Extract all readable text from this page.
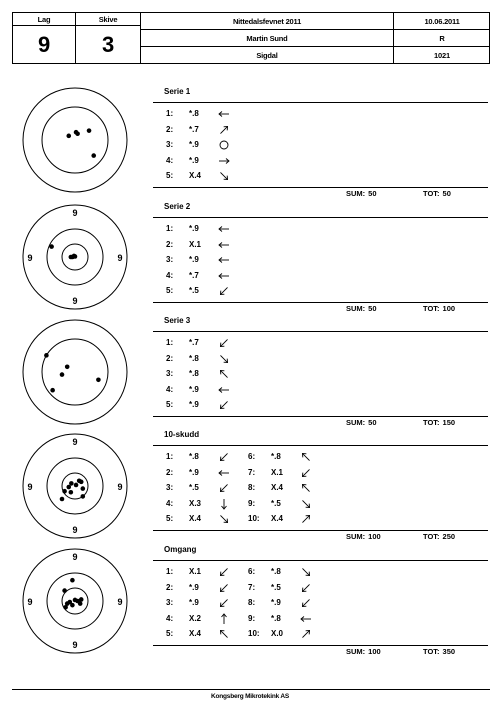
Lag	Skive
9	3
Nittedalsfevnet 2011	10.06.2011
Martin Sund	R
Sigdal	1021
9
9
9	9
9
9
9	9
9
9
9	9
Serie 1
1:	*.8
2:	*.7
3:	*.9
4:	*.9
5:	X.4
SUM: 50	TOT: 50
Serie 2
1:	*.9
2:	X.1
3:	*.9
4:	*.7
5:	*.5
SUM: 50	TOT: 100
Serie 3
1:	*.7
2:	*.8
3:	*.8
4:	*.9
5:	*.9
SUM: 50	TOT: 150
10-skudd
1:	*.8
2:	*.9
3:	*.5
4:	X.3
5:	X.4
6:	*.8
7:	X.1
8:	X.4
9:	*.5
10:	X.4
SUM: 100	TOT: 250
Omgang
1:	X.1
2:	*.9
3:	*.9
4:	X.2
5:	X.4
6:	*.8
7:	*.5
8:	*.9
9:	*.8
10:	X.0
SUM: 100	TOT: 350
Kongsberg Mikrotekink AS
